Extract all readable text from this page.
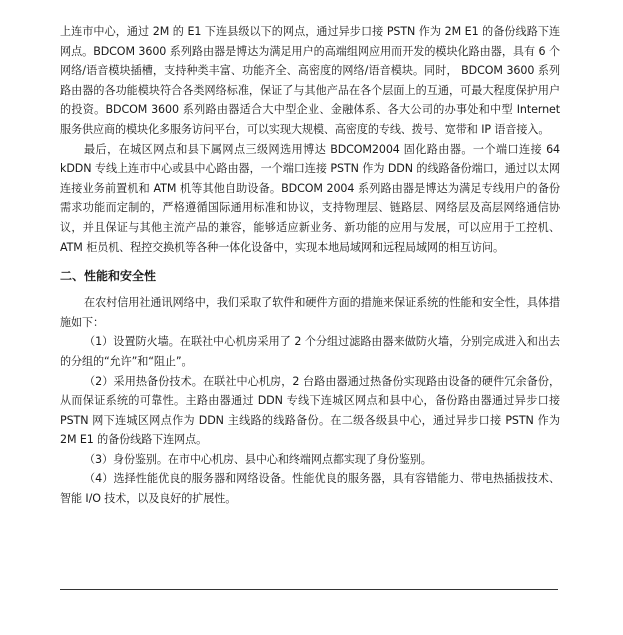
上连市中心，通过 2M 的 E1 下连县级以下的网点，通过异步口接 PSTN 作为 2M E1 的备份线路下连网点。BDCOM 3600 系列路由器是博达为满足用户的高端组网应用而开发的模块化路由器，具有 6 个网络/语音模块插槽，支持种类丰富、功能齐全、高密度的网络/语音模块。同时， BDCOM 3600 系列路由器的各功能模块符合各类网络标准，保证了与其他产品在各个层面上的互通，可最大程度保护用户的投资。BDCOM 3600 系列路由器适合大中型企业、金融体系、各大公司的办事处和中型 Internet 服务供应商的模块化多服务访问平台，可以实现大规模、高密度的专线、拨号、宽带和 IP 语音接入。

最后，在城区网点和县下属网点三级网选用博达 BDCOM2004 固化路由器。一个端口连接 64 kDDN 专线上连市中心或县中心路由器，一个端口连接 PSTN 作为 DDN 的线路备份端口，通过以太网连接业务前置机和 ATM 机等其他自助设备。BDCOM 2004 系列路由器是博达为满足专线用户的备份需求功能而定制的，严格遵循国际通用标准和协议，支持物理层、链路层、网络层及高层网络通信协议，并且保证与其他主流产品的兼容，能够适应新业务、新功能的应用与发展，可以应用于工控机、ATM 柜员机、程控交换机等各种一体化设备中，实现本地局域网和远程局域网的相互访问。

二、性能和安全性

在农村信用社通讯网络中，我们采取了软件和硬件方面的措施来保证系统的性能和安全性，具体措施如下：

（1）设置防火墙。在联社中心机房采用了 2 个分组过滤路由器来做防火墙，分别完成进入和出去的分组的“允许”和“阻止”。

（2）采用热备份技术。在联社中心机房，2 台路由器通过热备份实现路由设备的硬件冗余备份，从而保证系统的可靠性。主路由器通过 DDN 专线下连城区网点和县中心，备份路由器通过异步口接 PSTN 网下连城区网点作为 DDN 主线路的线路备份。在二级各级县中心，通过异步口接 PSTN 作为 2M E1 的备份线路下连网点。

（3）身份鉴别。在市中心机房、县中心和终端网点都实现了身份鉴别。

（4）选择性能优良的服务器和网络设备。性能优良的服务器，具有容错能力、带电热插拔技术、智能 I/O 技术，以及良好的扩展性。
